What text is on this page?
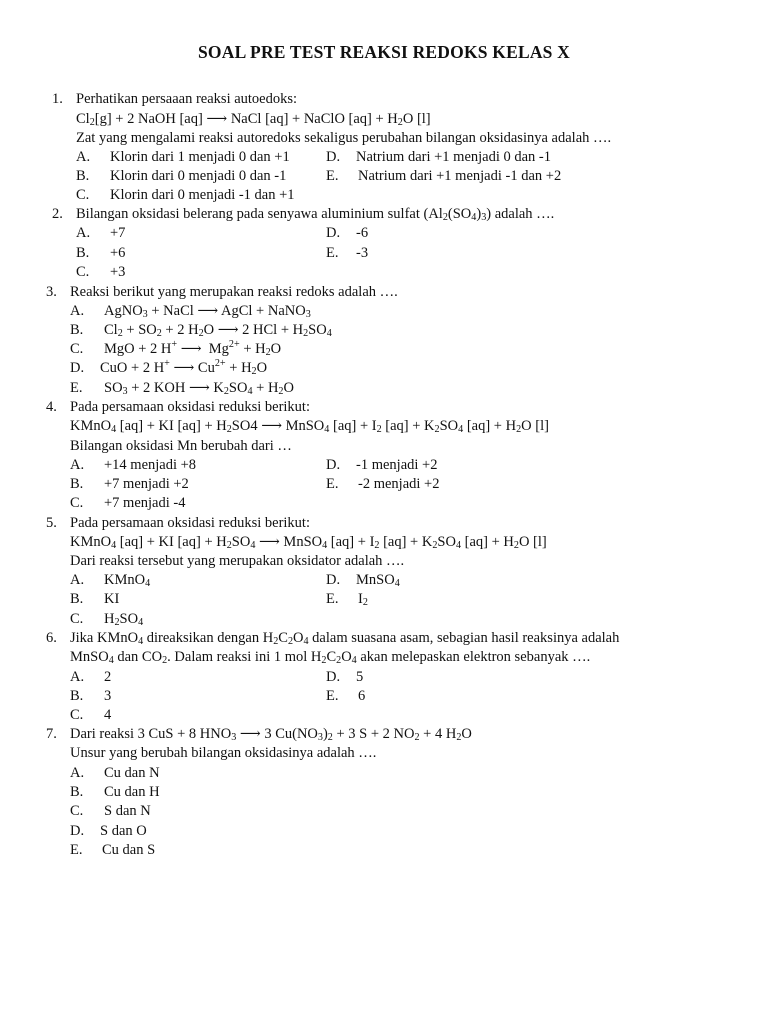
SOAL PRE TEST REAKSI REDOKS KELAS X
1. Perhatikan persaaan reaksi autoedoks:
$Cl_2[g] + 2$ NaOH [aq] ⟶ NaCl [aq] + NaClO $[aq] + H_2O$ [l]
Zat yang mengalami reaksi autoredoks sekaligus perubahan bilangan oksidasinya adalah ….
A. Klorin dari 1 menjadi 0 dan +1
B. Klorin dari 0 menjadi 0 dan -1
C. Klorin dari 0 menjadi -1 dan +1
D. Natrium dari +1 menjadi 0 dan -1
E. Natrium dari +1 menjadi -1 dan +2
2. Bilangan oksidasi belerang pada senyawa aluminium sulfat $(Al_2(SO_4)_3)$ adalah ….
A. +7
B. +6
C. +3
D. -6
E. -3
3. Reaksi berikut yang merupakan reaksi redoks adalah ….
A. AgNO$_3$ + NaCl ⟶ AgCl + NaNO$_3$
B. $Cl_2 + SO_2 + 2$ $H_2O$ ⟶ 2 HCl + $H_2SO_4$
C. MgO + 2 H+ ⟶  $Mg^{2+} + H_2O$
D. CuO + 2 H+ ⟶ $Cu^{2+} + H_2O$
E. $SO_3 + 2$ KOH ⟶ $K_2SO_4 + H_2O$
4. Pada persamaan oksidasi reduksi berikut:
KMnO$_4$ [aq] + KI $[aq] + H_2SO4$ ⟶ MnSO$_4$ $[aq] + I_2$ $[aq] + K_2SO_4$ $[aq] + H_2O$ [l]
Bilangan oksidasi Mn berubah dari …
A. +14 menjadi +8
B. +7 menjadi +2
C. +7 menjadi -4
D. -1 menjadi +2
E. -2 menjadi +2
5. Pada persamaan oksidasi reduksi berikut:
KMnO$_4$ [aq] + KI $[aq] + H_2SO_4$ ⟶ MnSO$_4$ $[aq] + I_2$ $[aq] + K_2SO_4$ $[aq] + H_2O$ [l]
Dari reaksi tersebut yang merupakan oksidator adalah ….
A. KMnO$_4$
B. KI
C. $H_2SO_4$
D. MnSO$_4$
E. $I_2$
6. Jika KMnO$_4$ direaksikan dengan $H_2C_2O_4$ dalam suasana asam, sebagian hasil reaksinya adalah
MnSO$_4$ dan $CO_2$. Dalam reaksi ini 1 mol $H_2C_2O_4$ akan melepaskan elektron sebanyak ….
A. 2
B. 3
C. 4
D. 5
E. 6
7. Dari reaksi 3 CuS + 8 $HNO_3$ ⟶ 3 $Cu(NO_3)_2 + 3$ S + 2 $NO_2 + 4$ $H_2O$
Unsur yang berubah bilangan oksidasinya adalah ….
A. Cu dan N
B. Cu dan H
C. S dan N
D. S dan O
E. Cu dan S
